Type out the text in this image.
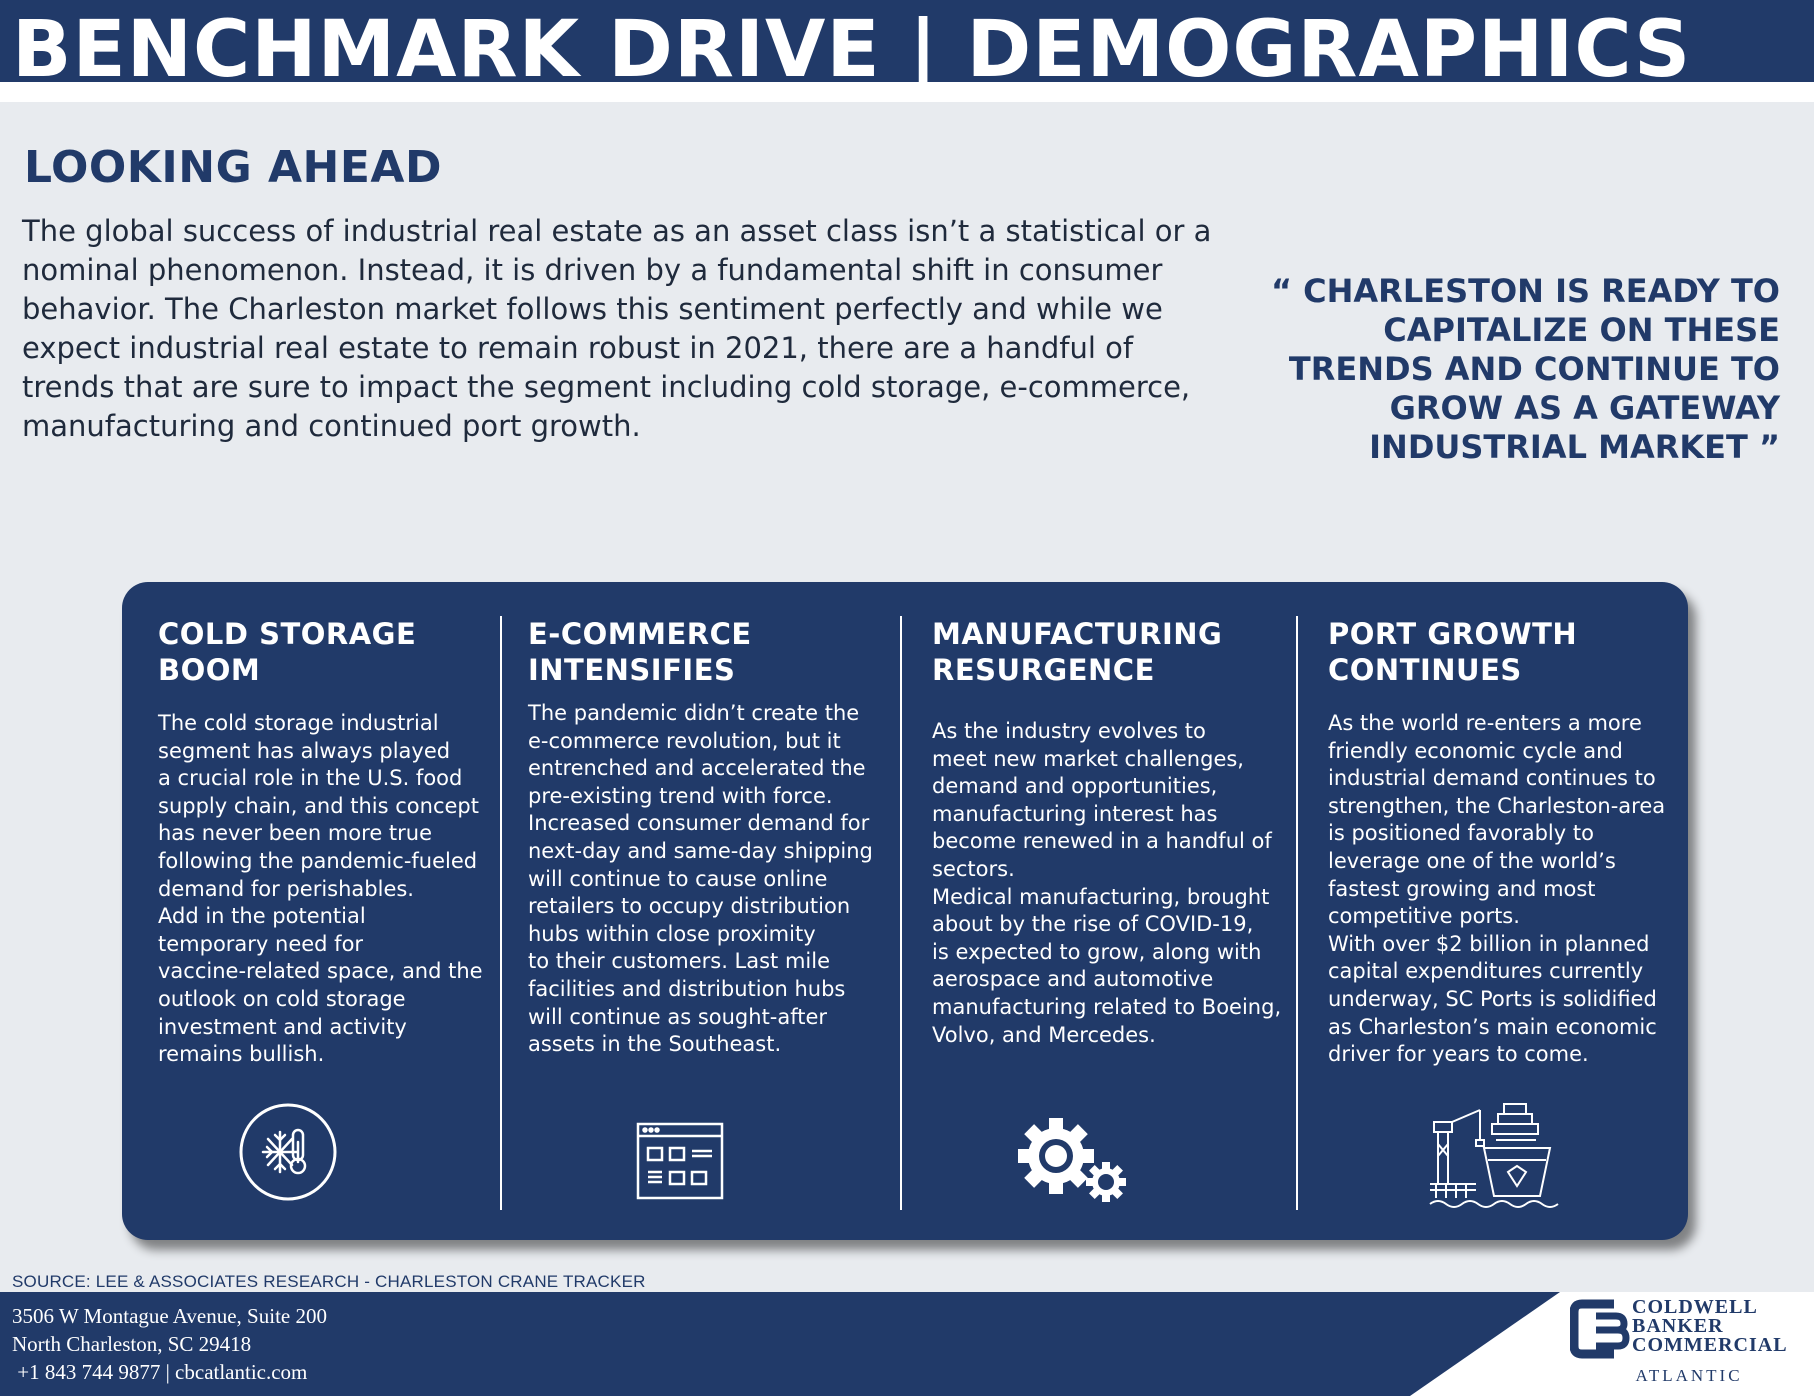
BENCHMARK DRIVE | DEMOGRAPHICS
LOOKING AHEAD
The global success of industrial real estate as an asset class isn’t a statistical or a nominal phenomenon. Instead, it is driven by a fundamental shift in consumer behavior. The Charleston market follows this sentiment perfectly and while we expect industrial real estate to remain robust in 2021, there are a handful of trends that are sure to impact the segment including cold storage, e-commerce, manufacturing and continued port growth.
“ CHARLESTON IS READY TO CAPITALIZE ON THESE TRENDS AND CONTINUE TO GROW AS A GATEWAY INDUSTRIAL MARKET ”
COLD STORAGE
BOOM

The cold storage industrial
segment has always played
a crucial role in the U.S. food
supply chain, and this concept
has never been more true
following the pandemic-fueled
demand for perishables.
Add in the potential
temporary need for
vaccine-related space, and the
outlook on cold storage
investment and activity
remains bullish.

E-COMMERCE
INTENSIFIES

The pandemic didn’t create the
e-commerce revolution, but it
entrenched and accelerated the
pre-existing trend with force.
Increased consumer demand for
next-day and same-day shipping
will continue to cause online
retailers to occupy distribution
hubs within close proximity
to their customers. Last mile
facilities and distribution hubs
will continue as sought-after
assets in the Southeast.

MANUFACTURING
RESURGENCE

As the industry evolves to
meet new market challenges,
demand and opportunities,
manufacturing interest has
become renewed in a handful of
sectors.
Medical manufacturing, brought
about by the rise of COVID-19,
is expected to grow, along with
aerospace and automotive
manufacturing related to Boeing,
Volvo, and Mercedes.

PORT GROWTH
CONTINUES

As the world re-enters a more
friendly economic cycle and
industrial demand continues to
strengthen, the Charleston-area
is positioned favorably to
leverage one of the world’s
fastest growing and most
competitive ports.
With over $2 billion in planned
capital expenditures currently
underway, SC Ports is solidified
as Charleston’s main economic
driver for years to come.

SOURCE: LEE & ASSOCIATES RESEARCH - CHARLESTON CRANE TRACKER
3506 W Montague Avenue, Suite 200
North Charleston, SC 29418
+1 843 744 9877 | cbcatlantic.com
COLDWELL
BANKER
COMMERCIAL
ATLANTIC
